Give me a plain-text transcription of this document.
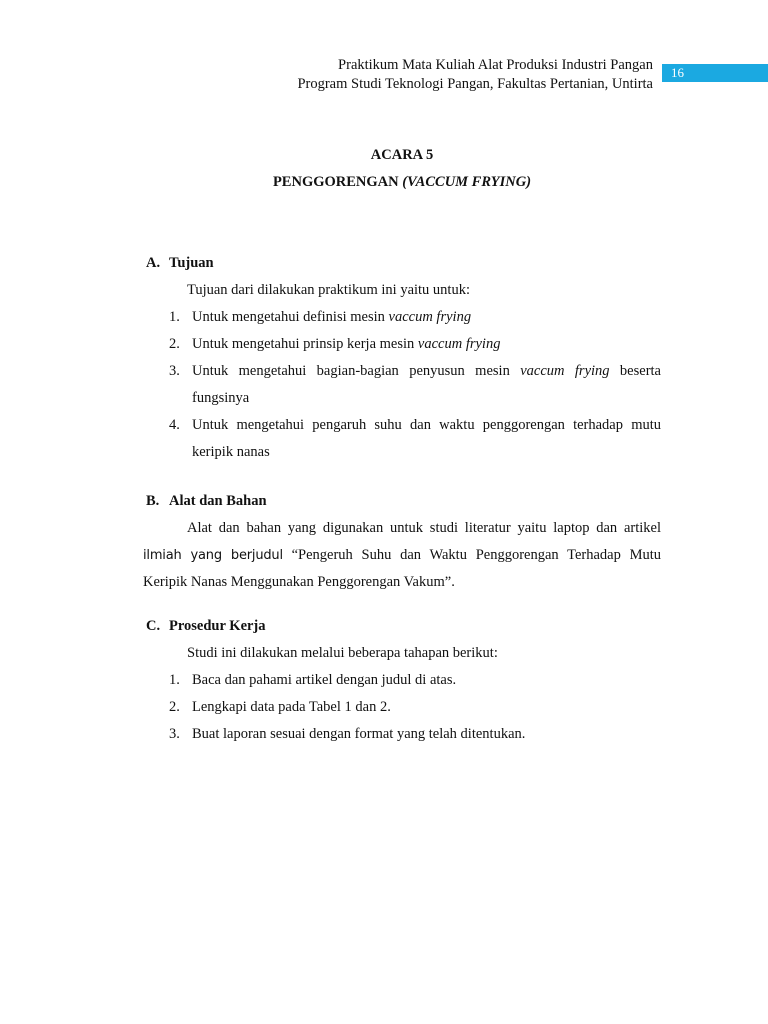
Praktikum Mata Kuliah Alat Produksi Industri Pangan
Program Studi Teknologi Pangan, Fakultas Pertanian, Untirta
16
ACARA 5
PENGGORENGAN (VACCUM FRYING)
A. Tujuan
Tujuan dari dilakukan praktikum ini yaitu untuk:
1. Untuk mengetahui definisi mesin vaccum frying
2. Untuk mengetahui prinsip kerja mesin vaccum frying
3. Untuk mengetahui bagian-bagian penyusun mesin vaccum frying beserta fungsinya
4. Untuk mengetahui pengaruh suhu dan waktu penggorengan terhadap mutu keripik nanas
B. Alat dan Bahan
Alat dan bahan yang digunakan untuk studi literatur yaitu laptop dan artikel
ilmiah yang berjudul “Pengeruh Suhu dan Waktu Penggorengan Terhadap Mutu
Keripik Nanas Menggunakan Penggorengan Vakum”.
C. Prosedur Kerja
Studi ini dilakukan melalui beberapa tahapan berikut:
1. Baca dan pahami artikel dengan judul di atas.
2. Lengkapi data pada Tabel 1 dan 2.
3. Buat laporan sesuai dengan format yang telah ditentukan.
